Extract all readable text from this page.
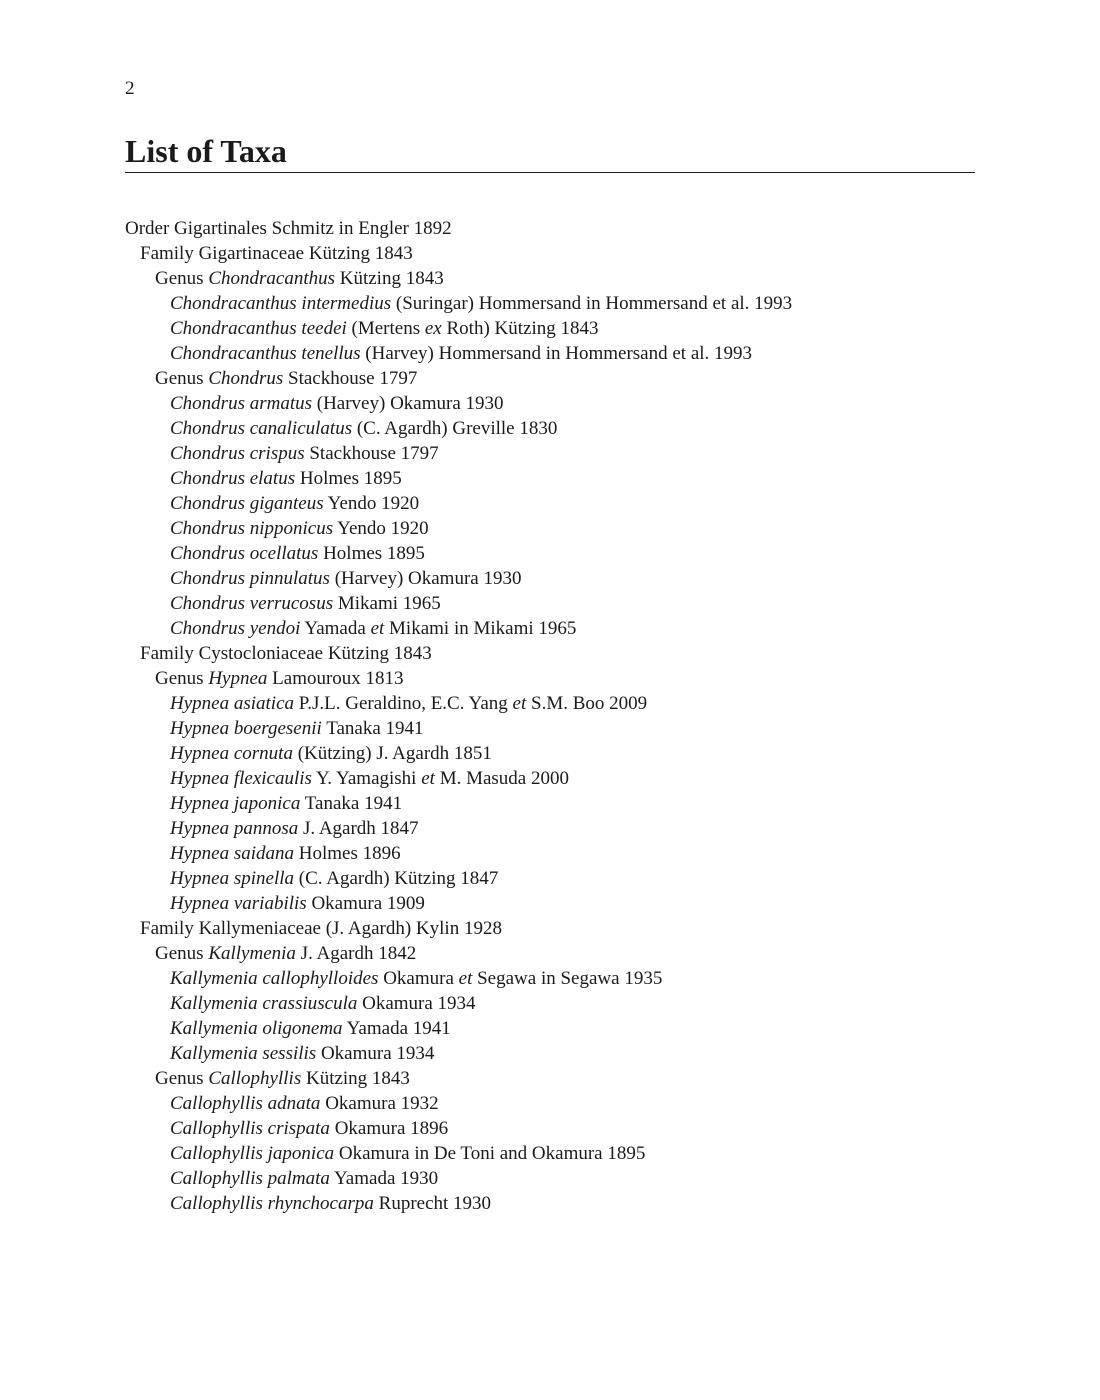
2
List of Taxa
Order Gigartinales Schmitz in Engler 1892
Family Gigartinaceae Kützing 1843
Genus Chondracanthus Kützing 1843
Chondracanthus intermedius (Suringar) Hommersand in Hommersand et al. 1993
Chondracanthus teedei (Mertens ex Roth) Kützing 1843
Chondracanthus tenellus (Harvey) Hommersand in Hommersand et al. 1993
Genus Chondrus Stackhouse 1797
Chondrus armatus (Harvey) Okamura 1930
Chondrus canaliculatus (C. Agardh) Greville 1830
Chondrus crispus Stackhouse 1797
Chondrus elatus Holmes 1895
Chondrus giganteus Yendo 1920
Chondrus nipponicus Yendo 1920
Chondrus ocellatus Holmes 1895
Chondrus pinnulatus (Harvey) Okamura 1930
Chondrus verrucosus Mikami 1965
Chondrus yendoi Yamada et Mikami in Mikami 1965
Family Cystocloniaceae Kützing 1843
Genus Hypnea Lamouroux 1813
Hypnea asiatica P.J.L. Geraldino, E.C. Yang et S.M. Boo 2009
Hypnea boergesenii Tanaka 1941
Hypnea cornuta (Kützing) J. Agardh 1851
Hypnea flexicaulis Y. Yamagishi et M. Masuda 2000
Hypnea japonica Tanaka 1941
Hypnea pannosa J. Agardh 1847
Hypnea saidana Holmes 1896
Hypnea spinella (C. Agardh) Kützing 1847
Hypnea variabilis Okamura 1909
Family Kallymeniaceae (J. Agardh) Kylin 1928
Genus Kallymenia J. Agardh 1842
Kallymenia callophylloides Okamura et Segawa in Segawa 1935
Kallymenia crassiuscula Okamura 1934
Kallymenia oligonema Yamada 1941
Kallymenia sessilis Okamura 1934
Genus Callophyllis Kützing 1843
Callophyllis adnata Okamura 1932
Callophyllis crispata Okamura 1896
Callophyllis japonica Okamura in De Toni and Okamura 1895
Callophyllis palmata Yamada 1930
Callophyllis rhynchocarpa Ruprecht 1930
